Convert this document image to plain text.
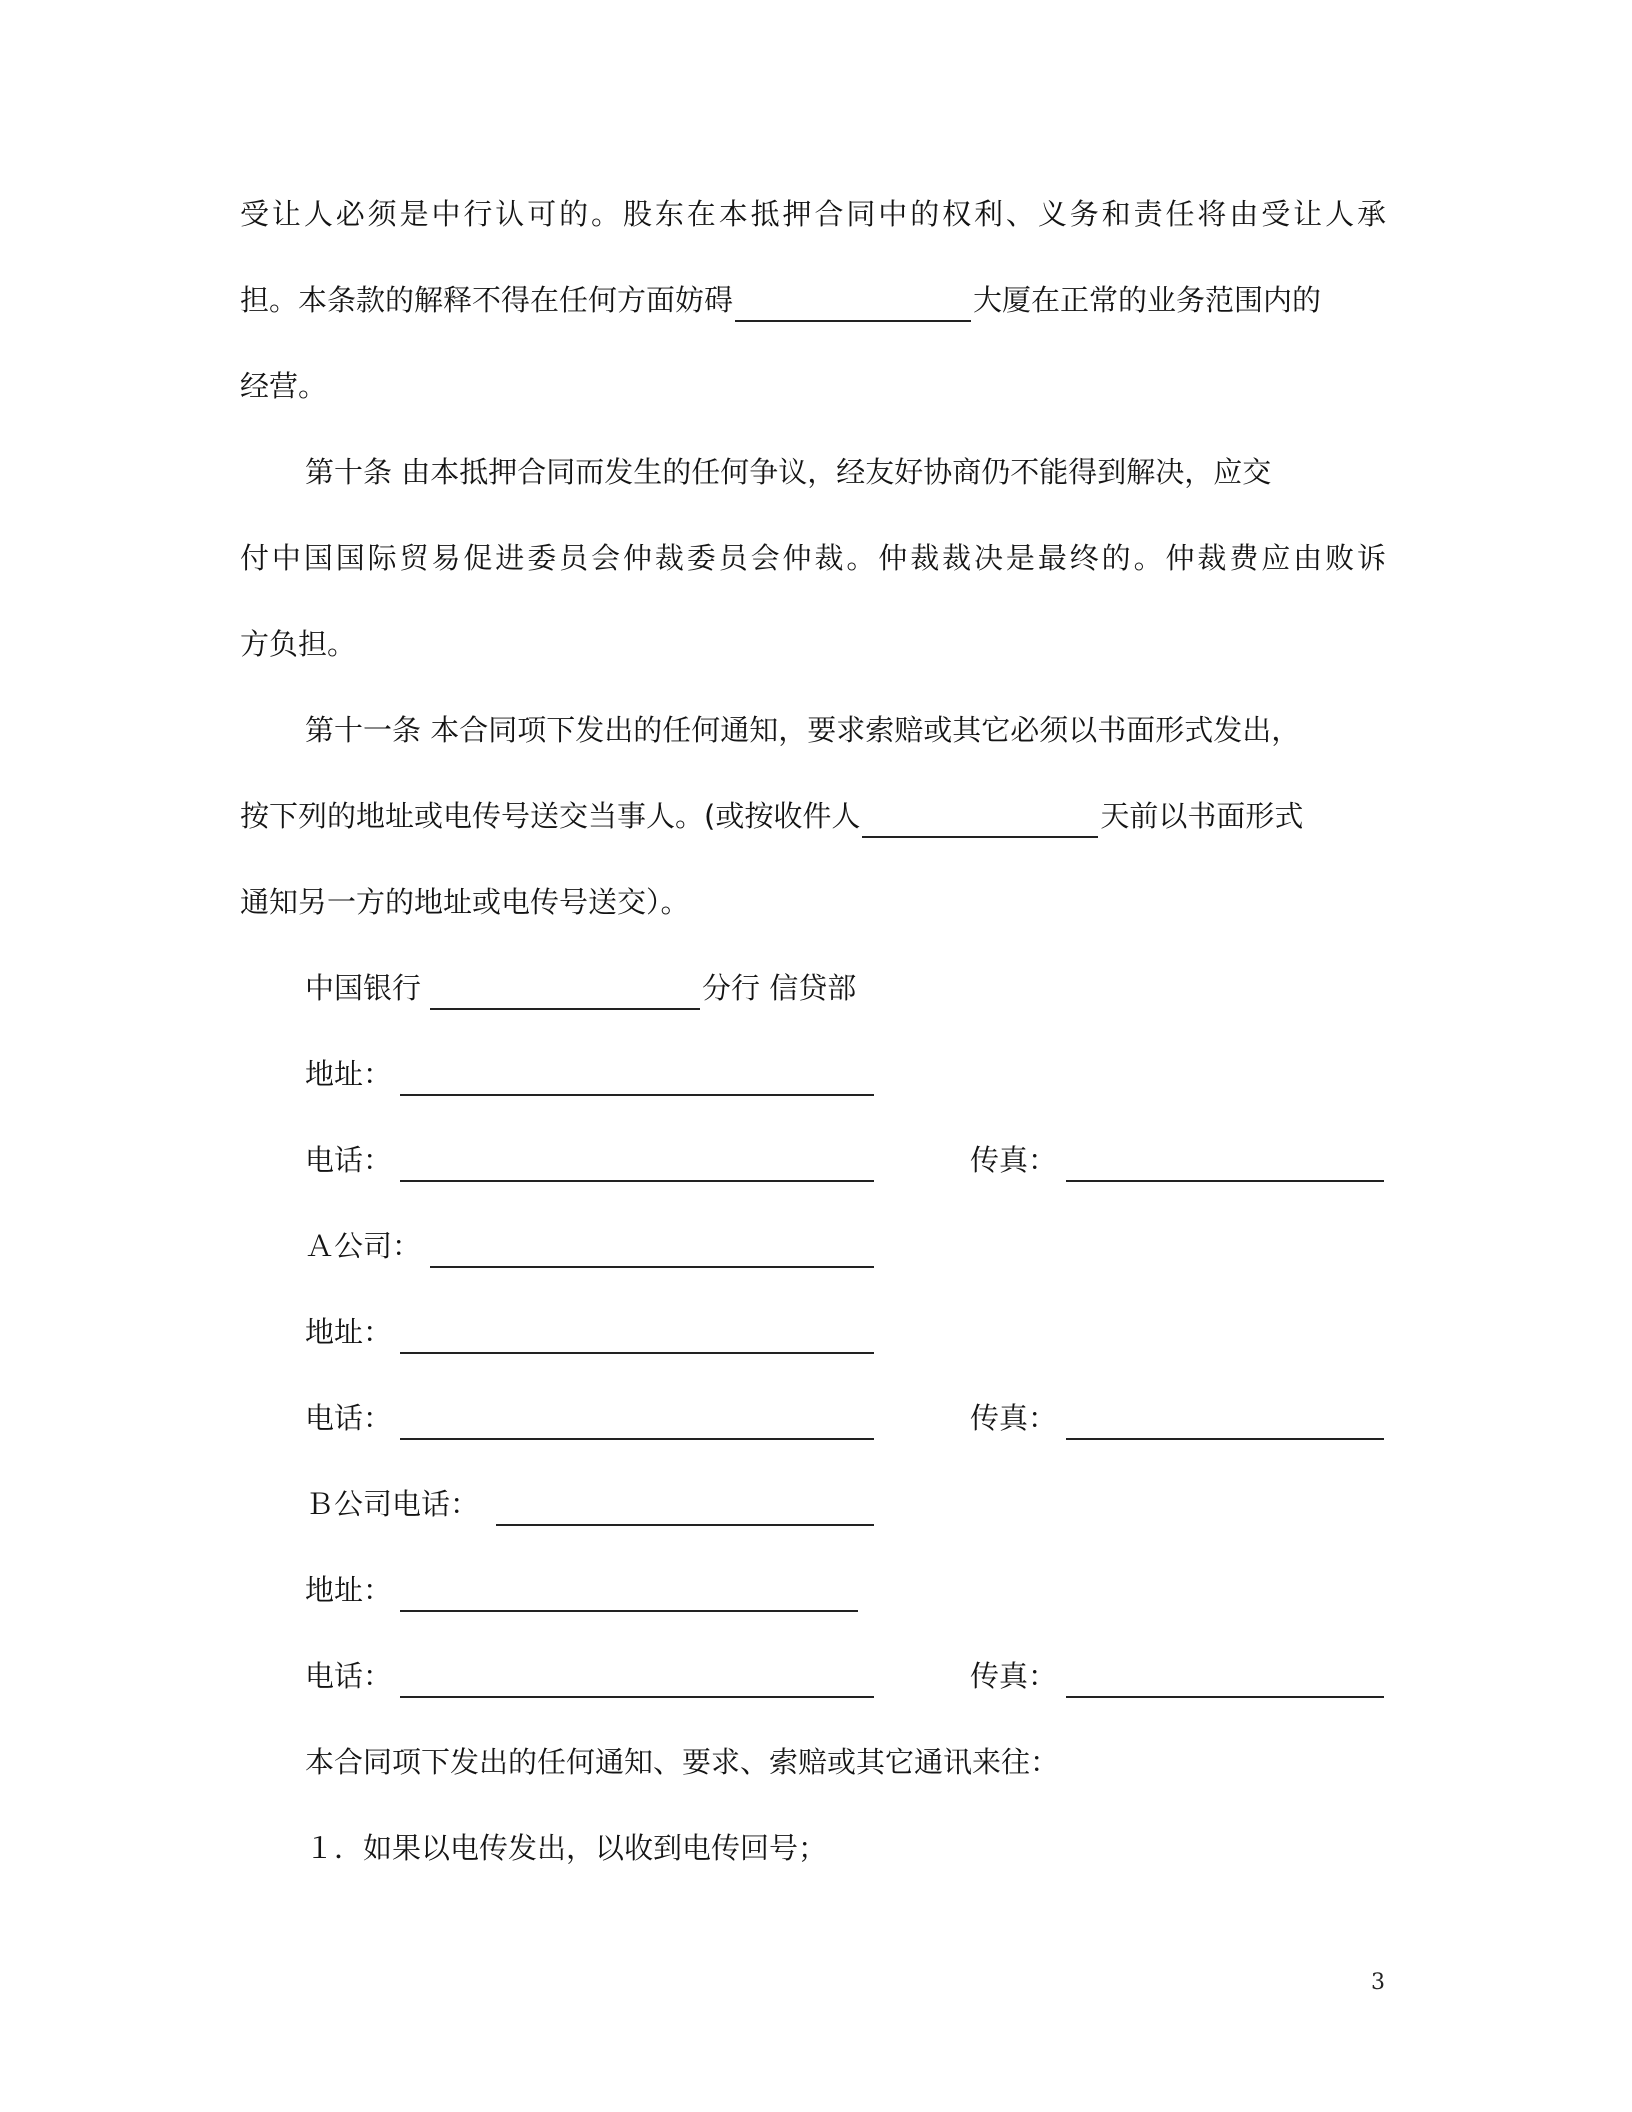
受让人必须是中行认可的。股东在本抵押合同中的权利、义务和责任将由受让人承
担。本条款的解释不得在任何方面妨碍	大厦在正常的业务范围内的
经营。
第十条 由本抵押合同而发生的任何争议，经友好协商仍不能得到解决，应交
付中国国际贸易促进委员会仲裁委员会仲裁。仲裁裁决是最终的。仲裁费应由败诉
方负担。
第十一条 本合同项下发出的任何通知，要求索赔或其它必须以书面形式发出，
按下列的地址或电传号送交当事人。(或按收件人	天前以书面形式
通知另一方的地址或电传号送交）。
中国银行	分行 信贷部
地址：
电话：	传真：
Ａ公司：
地址：
电话：	传真：
Ｂ公司电话：
地址：
电话：	传真：
本合同项下发出的任何通知、要求、索赔或其它通讯来往：
１．如果以电传发出，以收到电传回号；
3
